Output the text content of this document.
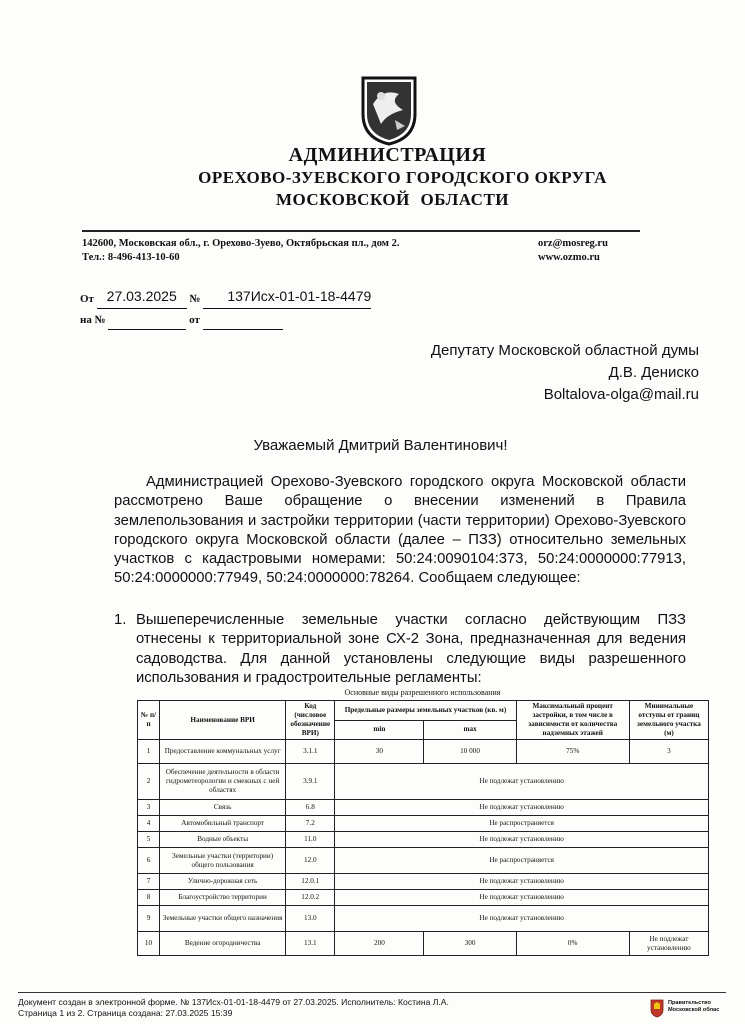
АДМИНИСТРАЦИЯ
ОРЕХОВО-ЗУЕВСКОГО ГОРОДСКОГО ОКРУГА
МОСКОВСКОЙ ОБЛАСТИ
142600, Московская обл., г. Орехово-Зуево, Октябрьская пл., дом 2.
Тел.: 8-496-413-10-60
orz@mosreg.ru
www.ozmo.ru
От 27.03.2025 № 137Исх-01-01-18-4479
на №	от
Депутату Московской областной думы
Д.В. Дениско
Boltalova-olga@mail.ru
Уважаемый Дмитрий Валентинович!
Администрацией Орехово-Зуевского городского округа Московской области рассмотрено Ваше обращение о внесении изменений в Правила землепользования и застройки территории (части территории) Орехово-Зуевского городского округа Московской области (далее – ПЗЗ) относительно земельных участков с кадастровыми номерами: 50:24:0090104:373, 50:24:0000000:77913, 50:24:0000000:77949, 50:24:0000000:78264. Сообщаем следующее:
1. Вышеперечисленные земельные участки согласно действующим ПЗЗ отнесены к территориальной зоне СХ-2 Зона, предназначенная для ведения садоводства. Для данной установлены следующие виды разрешенного использования и градостроительные регламенты:
Основные виды разрешенного использования
№ п/п	Наименование ВРИ	Код (числовое обозначение ВРИ)	Предельные размеры земельных участков (кв. м)		Максимальный процент застройки, в том числе в зависимости от количества надземных этажей	Минимальные отступы от границ земельного участка (м)
			min	max		
1	Предоставление коммунальных услуг	3.1.1	30	10 000	75%	3
2	Обеспечение деятельности в области гидрометеорологии и смежных с ней областях	3.9.1	Не подлежат установлению			
3	Связь	6.8	Не подлежат установлению			
4	Автомобильный транспорт	7.2	Не распространяется			
5	Водные объекты	11.0	Не подлежат установлению			
6	Земельные участки (территории) общего пользования	12.0	Не распространяется			
7	Улично-дорожная сеть	12.0.1	Не подлежат установлению			
8	Благоустройство территории	12.0.2	Не подлежат установлению			
9	Земельные участки общего назначения	13.0	Не подлежат установлению			
10	Ведение огородничества	13.1	200	300	0%	Не подлежат установлению
Документ создан в электронной форме. № 137Исх-01-01-18-4479 от 27.03.2025. Исполнитель: Костина Л.А.
Страница 1 из 2. Страница создана: 27.03.2025 15:39
Правительство
Московской облас
